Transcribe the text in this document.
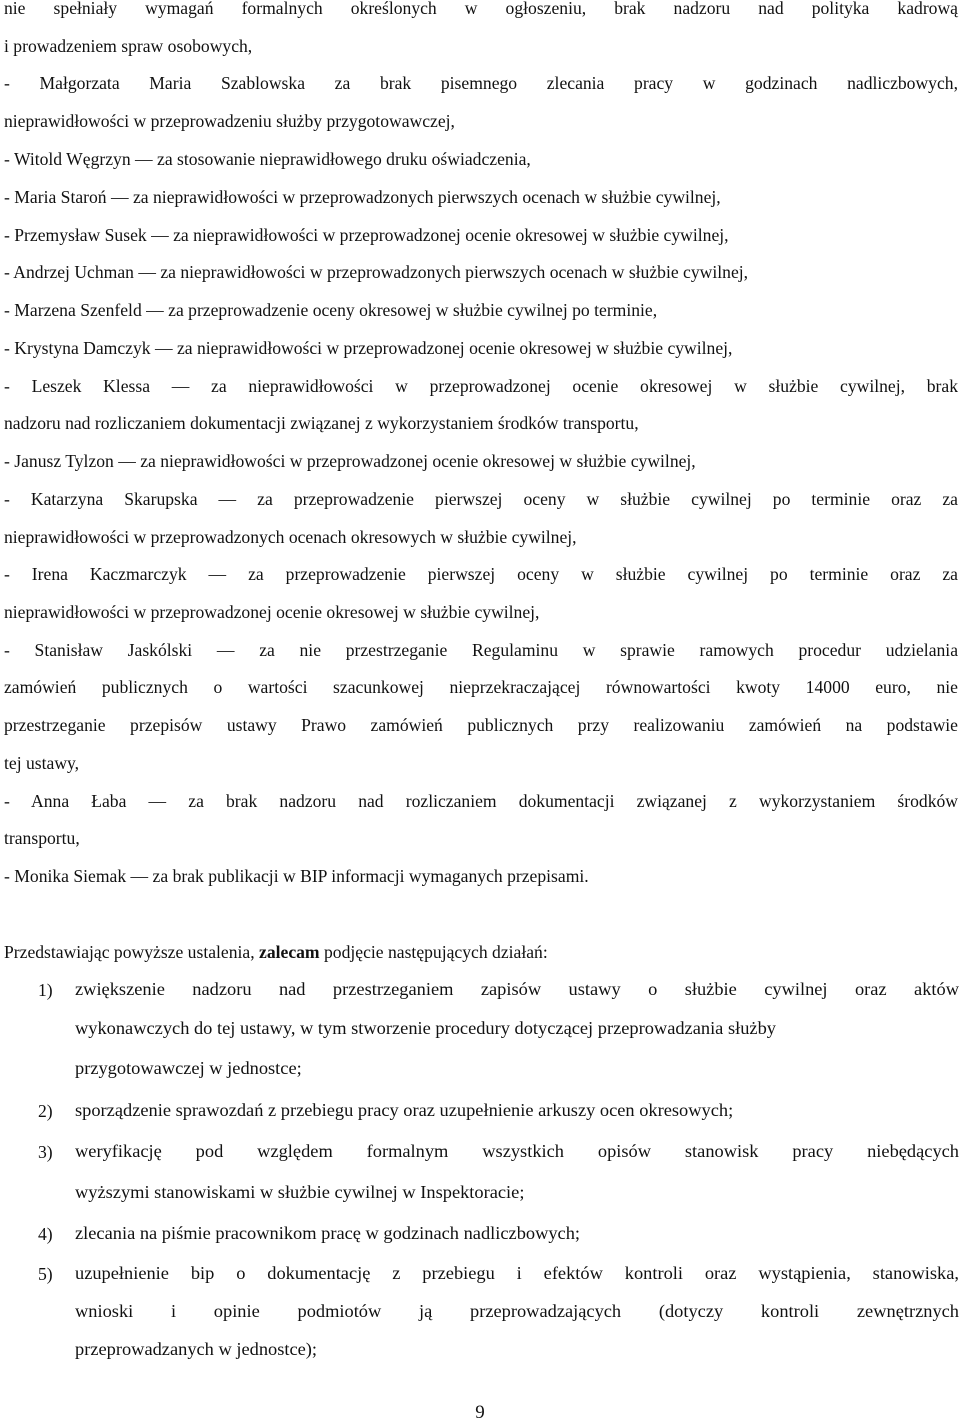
nie spełniały wymagań formalnych określonych w ogłoszeniu, brak nadzoru nad polityka kadrową
i prowadzeniem spraw osobowych,
- Małgorzata Maria Szablowska za brak pisemnego zlecania pracy w godzinach nadliczbowych,
nieprawidłowości w przeprowadzeniu służby przygotowawczej,
- Witold Węgrzyn — za stosowanie nieprawidłowego druku oświadczenia,
- Maria Staroń — za nieprawidłowości w przeprowadzonych pierwszych ocenach w służbie cywilnej,
- Przemysław Susek — za nieprawidłowości w przeprowadzonej ocenie okresowej w służbie cywilnej,
- Andrzej Uchman — za nieprawidłowości w przeprowadzonych pierwszych ocenach w służbie cywilnej,
- Marzena Szenfeld — za przeprowadzenie oceny okresowej w służbie cywilnej po terminie,
- Krystyna Damczyk — za nieprawidłowości w przeprowadzonej ocenie okresowej w służbie cywilnej,
- Leszek Klessa — za nieprawidłowości w przeprowadzonej ocenie okresowej w służbie cywilnej, brak
nadzoru nad rozliczaniem dokumentacji związanej z wykorzystaniem środków transportu,
- Janusz Tylzon — za nieprawidłowości w przeprowadzonej ocenie okresowej w służbie cywilnej,
- Katarzyna Skarupska — za przeprowadzenie pierwszej oceny w służbie cywilnej po terminie oraz za
nieprawidłowości w przeprowadzonych ocenach okresowych w służbie cywilnej,
- Irena Kaczmarczyk — za przeprowadzenie pierwszej oceny w służbie cywilnej po terminie oraz za
nieprawidłowości w przeprowadzonej ocenie okresowej w służbie cywilnej,
- Stanisław Jaskólski — za nie przestrzeganie Regulaminu w sprawie ramowych procedur udzielania
zamówień publicznych o wartości szacunkowej nieprzekraczającej równowartości kwoty 14000 euro, nie
przestrzeganie przepisów ustawy Prawo zamówień publicznych przy realizowaniu zamówień na podstawie
tej ustawy,
- Anna Łaba — za brak nadzoru nad rozliczaniem dokumentacji związanej z wykorzystaniem środków
transportu,
- Monika Siemak — za brak publikacji w BIP informacji wymaganych przepisami.
Przedstawiając powyższe ustalenia, zalecam podjęcie następujących działań:
1) zwiększenie nadzoru nad przestrzeganiem zapisów ustawy o służbie cywilnej oraz aktów
wykonawczych do tej ustawy, w tym stworzenie procedury dotyczącej przeprowadzania służby
przygotowawczej w jednostce;
2) sporządzenie sprawozdań z przebiegu pracy oraz uzupełnienie arkuszy ocen okresowych;
3) weryfikację pod względem formalnym wszystkich opisów stanowisk pracy niebędących
wyższymi stanowiskami w służbie cywilnej w Inspektoracie;
4) zlecania na piśmie pracownikom pracę w godzinach nadliczbowych;
5) uzupełnienie bip o dokumentację z przebiegu i efektów kontroli oraz wystąpienia, stanowiska,
wnioski i opinie podmiotów ją przeprowadzających (dotyczy kontroli zewnętrznych
przeprowadzanych w jednostce);
9
